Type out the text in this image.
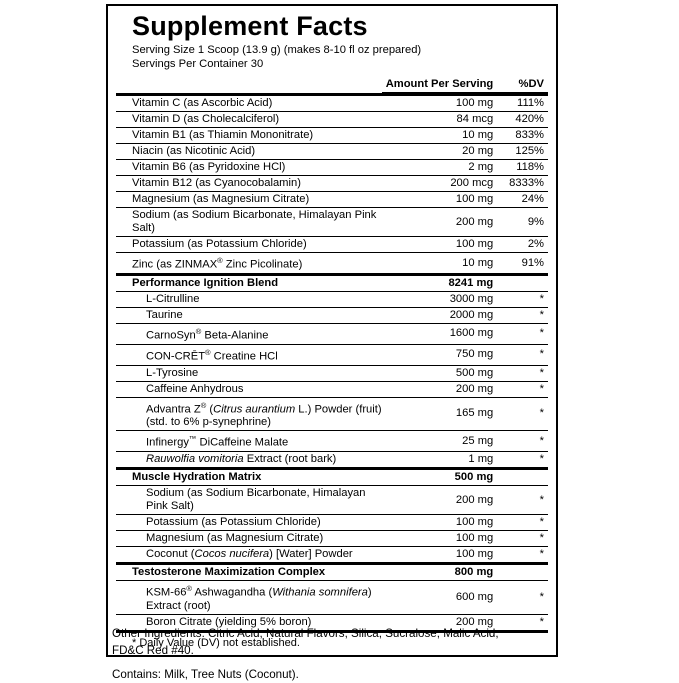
Supplement Facts
Serving Size 1 Scoop (13.9 g) (makes 8-10 fl oz prepared)
Servings Per Container 30
	Amount Per Serving	%DV

Vitamin C (as Ascorbic Acid)	100 mg	111%
Vitamin D (as Cholecalciferol)	84 mcg	420%
Vitamin B1 (as Thiamin Mononitrate)	10 mg	833%
Niacin (as Nicotinic Acid)	20 mg	125%
Vitamin B6 (as Pyridoxine HCl)	2 mg	118%
Vitamin B12 (as Cyanocobalamin)	200 mcg	8333%
Magnesium (as Magnesium Citrate)	100 mg	24%
Sodium (as Sodium Bicarbonate, Himalayan Pink Salt)	200 mg	9%
Potassium (as Potassium Chloride)	100 mg	2%
Zinc (as ZINMAX® Zinc Picolinate)	10 mg	91%
Performance Ignition Blend	8241 mg	
L-Citrulline	3000 mg	*
Taurine	2000 mg	*
CarnoSyn® Beta-Alanine	1600 mg	*
CON-CRĒT® Creatine HCl	750 mg	*
L-Tyrosine	500 mg	*
Caffeine Anhydrous	200 mg	*
Advantra Z® (Citrus aurantium L.) Powder (fruit)
(std. to 6% p-synephrine)	165 mg	*
Infinergy™ DiCaffeine Malate	25 mg	*
Rauwolfia vomitoria Extract (root bark)	1 mg	*
Muscle Hydration Matrix	500 mg	
Sodium (as Sodium Bicarbonate, Himalayan Pink Salt)	200 mg	*
Potassium (as Potassium Chloride)	100 mg	*
Magnesium (as Magnesium Citrate)	100 mg	*
Coconut (Cocos nucifera) [Water] Powder	100 mg	*
Testosterone Maximization Complex	800 mg	
KSM-66® Ashwagandha (Withania somnifera) Extract (root)	600 mg	*
Boron Citrate (yielding 5% boron)	200 mg	*
* Daily Value (DV) not established.

Other Ingredients: Citric Acid, Natural Flavors, Silica, Sucralose, Malic Acid,

FD&C Red #40.

Contains: Milk, Tree Nuts (Coconut).
